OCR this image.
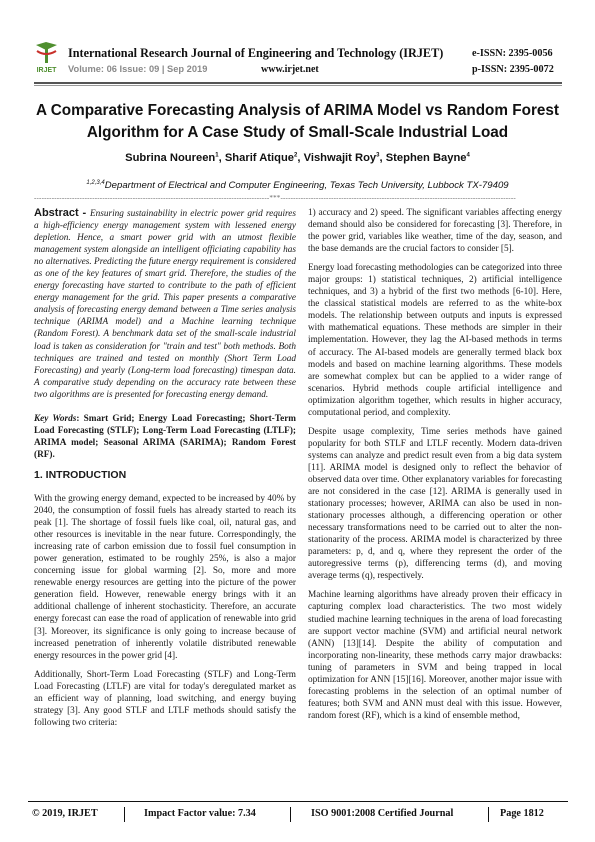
IRJET
International Research Journal of Engineering and Technology (IRJET)	e-ISSN: 2395-0056
Volume: 06 Issue: 09 | Sep 2019	www.irjet.net	p-ISSN: 2395-0072
A Comparative Forecasting Analysis of ARIMA Model vs Random Forest
Algorithm for A Case Study of Small-Scale Industrial Load
Subrina Noureen$^1$, Sharif Atique$^2$, Vishwajit Roy$^3$, Stephen Bayne$^4$
$^{1,2,3,4}$Department of Electrical and Computer Engineering, Texas Tech University, Lubbock TX-79409
---------------------------------------------------------------------------------------------***---------------------------------------------------------------------------------------------

Abstract - Ensuring sustainability in electric power grid requires a high-efficiency energy management system with lessened energy depletion. Hence, a smart power grid with an utmost flexible management system alongside an intelligent officiating capability has no alternatives. Predicting the future energy requirement is considered as one of the key features of smart grid. Therefore, the studies of the energy forecasting have started to contribute to the path of efficient energy management for the grid. This paper presents a comparative analysis of forecasting energy demand between a Time series analysis technique (ARIMA model) and a Machine learning technique (Random Forest). A benchmark data set of the small-scale industrial load is taken as consideration for "train and test" both methods. Both techniques are trained and tested on monthly (Short Term Load Forecasting) and yearly (Long-term load forecasting) timespan data. A comparative study depending on the accuracy rate between these two algorithms are is presented for forecasting energy demand.

Key Words: Smart Grid; Energy Load Forecasting; Short-Term Load Forecasting (STLF); Long-Term Load Forecasting (LTLF); ARIMA model; Seasonal ARIMA (SARIMA); Random Forest (RF).

1. INTRODUCTION

With the growing energy demand, expected to be increased by 40% by 2040, the consumption of fossil fuels has already started to reach its peak [1]. The shortage of fossil fuels like coal, oil, natural gas, and other resources is inevitable in the near future. Correspondingly, the increasing rate of carbon emission due to fossil fuel consumption in power generation, estimated to be roughly 25%, is also a major concerning issue for global warming [2]. So, more and more renewable energy resources are getting into the picture of the power generation field. However, renewable energy brings with it an additional challenge of inherent stochasticity. Therefore, an accurate energy forecast can ease the road of application of renewable into grid [3]. Moreover, its significance is only going to increase because of increased penetration of inherently volatile distributed renewable energy resources in the power grid [4].

Additionally, Short-Term Load Forecasting (STLF) and Long-Term Load Forecasting (LTLF) are vital for today's deregulated market as an efficient way of planning, load switching, and energy buying strategy [3]. Any good STLF and LTLF methods should satisfy the following two criteria:

1) accuracy and 2) speed. The significant variables affecting energy demand should also be considered for forecasting [3]. Therefore, in the power grid, variables like weather, time of the day, season, and the base demands are the crucial factors to consider [5].

Energy load forecasting methodologies can be categorized into three major groups: 1) statistical techniques, 2) artificial intelligence techniques, and 3) a hybrid of the first two methods [6-10]. Here, the classical statistical models are referred to as the white-box models. The relationship between outputs and inputs is expressed with mathematical equations. These methods are simpler in their implementation. However, they lag the AI-based methods in terms of accuracy. The AI-based models are generally termed black box models and based on machine learning algorithms. These models are somewhat complex but can be applied to a wider range of scenarios. Hybrid methods couple artificial intelligence and optimization algorithm together, which results in higher accuracy, computational period, and complexity.

Despite usage complexity, Time series methods have gained popularity for both STLF and LTLF recently. Modern data-driven systems can analyze and predict result even from a big data system [11]. ARIMA model is designed only to reflect the behavior of observed data over time. Other explanatory variables for forecasting are not considered in the case [12]. ARIMA is generally used in stationary processes; however, ARIMA can also be used in non-stationary processes although, a differencing operation or other necessary transformations need to be carried out to alter the non-stationarity of the process. ARIMA model is characterized by three parameters: p, d, and q, where they represent the order of the autoregressive terms (p), differencing terms (d), and moving average terms (q), respectively.

Machine learning algorithms have already proven their efficacy in capturing complex load characteristics. The two most widely studied machine learning techniques in the arena of load forecasting are support vector machine (SVM) and artificial neural network (ANN) [13][14]. Despite the ability of computation and incorporating non-linearity, these methods carry major drawbacks: tuning of parameters in SVM and being trapped in local optimization for ANN [15][16]. Moreover, another major issue with forecasting problems in the selection of an optimal number of features; both SVM and ANN must deal with this issue. However, random forest (RF), which is a kind of ensemble method,

© 2019, IRJET	Impact Factor value: 7.34	ISO 9001:2008 Certified Journal	Page 1812
